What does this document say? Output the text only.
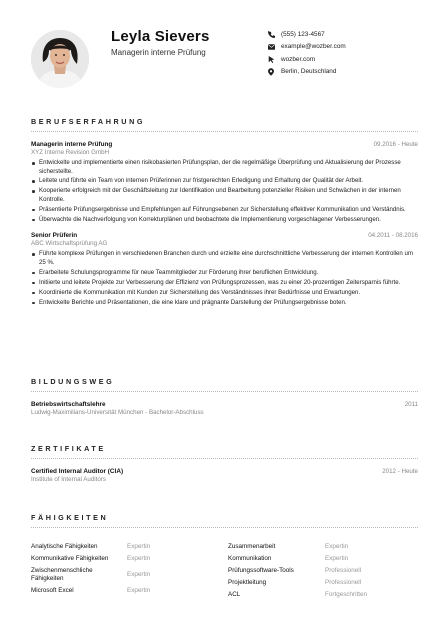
Leyla Sievers
Managerin interne Prüfung
(555) 123-4567
example@wozber.com
wozber.com
Berlin, Deutschland
BERUFSERFAHRUNG
Managerin interne Prüfung	09.2016 - Heute
XYZ Interne Revision GmbH
Entwickelte und implementierte einen risikobasierten Prüfungsplan, der die regelmäßige Überprüfung und Aktualisierung der Prozesse sicherstellte.
Leitete und führte ein Team von internen Prüferinnen zur fristgerechten Erledigung und Erhaltung der Qualität der Arbeit.
Kooperierte erfolgreich mit der Geschäftsleitung zur Identifikation und Bearbeitung potenzieller Risiken und Schwächen in der internen Kontrolle.
Präsentierte Prüfungsergebnisse und Empfehlungen auf Führungsebenen zur Sicherstellung effektiver Kommunikation und Verständnis.
Überwachte die Nachverfolgung von Korrekturplänen und beobachtete die Implementierung vorgeschlagener Verbesserungen.
Senior Prüferin	04.2011 - 08.2016
ABC Wirtschaftsprüfung AG
Führte komplexe Prüfungen in verschiedenen Branchen durch und erzielte eine durchschnittliche Verbesserung der internen Kontrollen um 25 %.
Erarbeitete Schulungsprogramme für neue Teammitglieder zur Förderung ihrer beruflichen Entwicklung.
Initiierte und leitete Projekte zur Verbesserung der Effizienz von Prüfungsprozessen, was zu einer 20-prozentigen Zeitersparnis führte.
Koordinierte die Kommunikation mit Kunden zur Sicherstellung des Verständnisses ihrer Bedürfnisse und Erwartungen.
Entwickelte Berichte und Präsentationen, die eine klare und prägnante Darstellung der Prüfungsergebnisse boten.
BILDUNGSWEG
Betriebswirtschaftslehre	2011
Ludwig-Maximilians-Universität München - Bachelor-Abschluss
ZERTIFIKATE
Certified Internal Auditor (CIA)	2012 - Heute
Institute of Internal Auditors
FÄHIGKEITEN
Analytische Fähigkeiten	Expertin
Kommunikative Fähigkeiten	Expertin
Zwischenmenschliche Fähigkeiten
Expertin
Microsoft Excel	Expertin
Zusammenarbeit	Expertin
Kommunikation	Expertin
Prüfungssoftware-Tools	Professionell
Projektleitung	Professionell
ACL	Fortgeschritten
